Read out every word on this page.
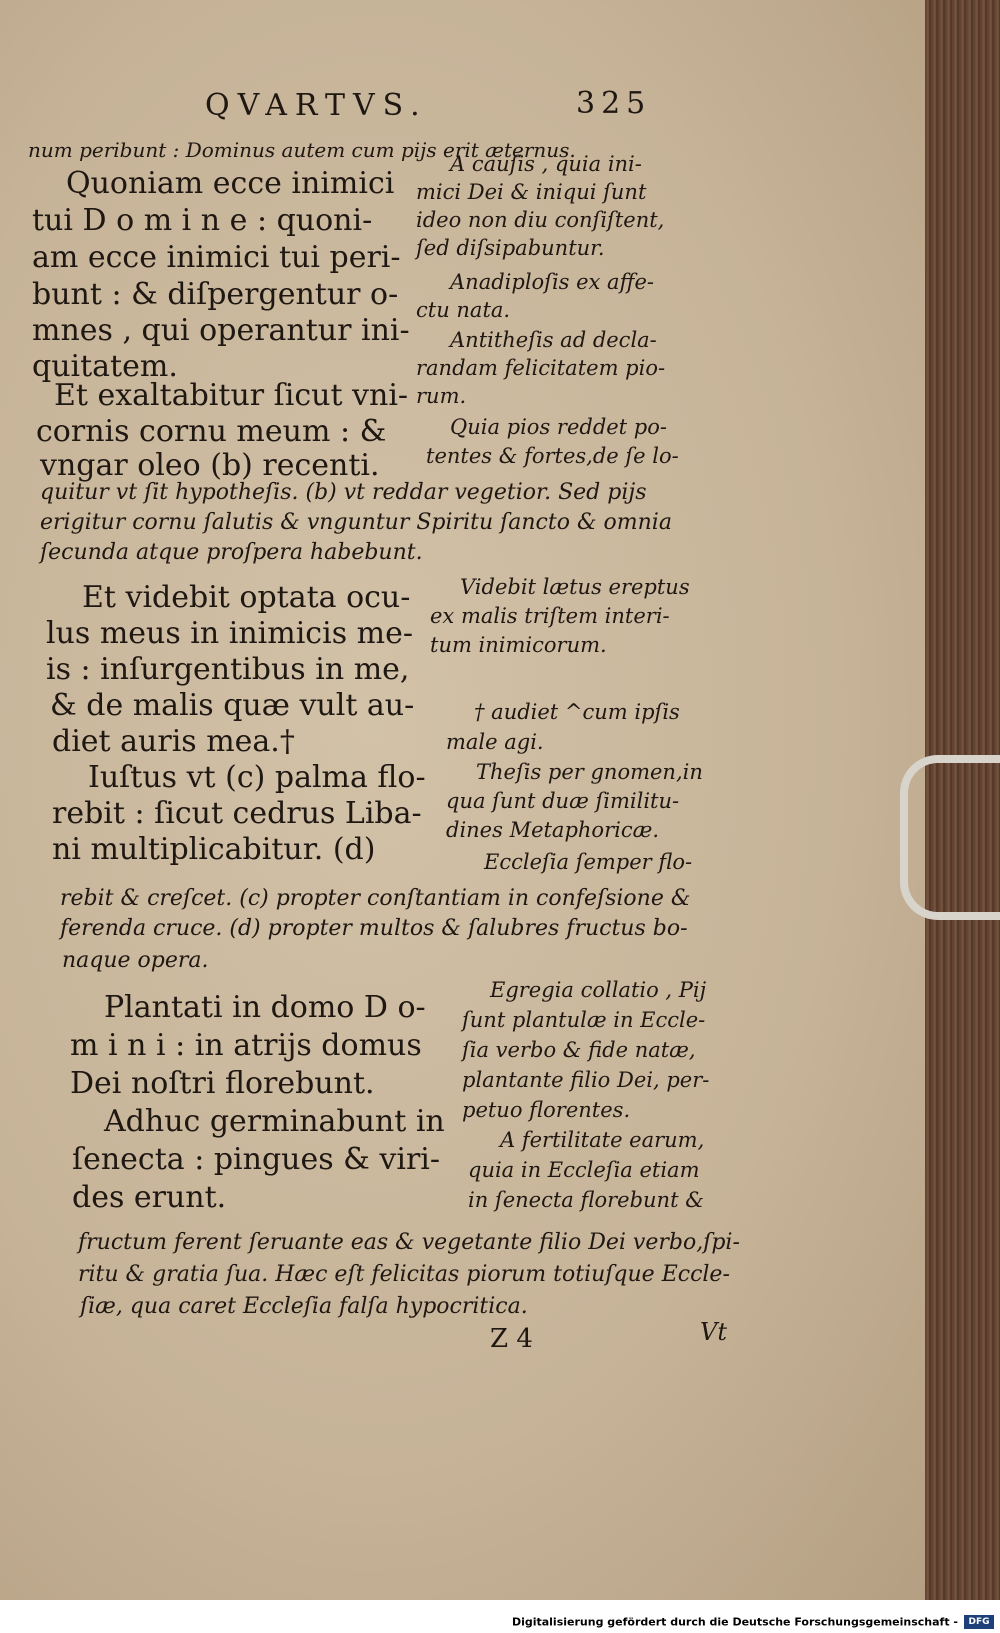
QVARTVS.	325
num peribunt : Dominus autem cum pijs erit æternus.
Quoniam ecce inimici
tui D o m i n e : quoni-
am ecce inimici tui peri-
bunt : & diſpergentur o-
mnes , qui operantur ini-
quitatem.
Et exaltabitur ſicut vni-
cornis cornu meum : &
vngar oleo (b) recenti.
A cauſis , quia ini-
mici Dei & iniqui ſunt
ideo non diu conſiſtent,
ſed diſsipabuntur.
Anadiploſis ex affe-
ctu nata.
Antitheſis ad decla-
randam felicitatem pio-
rum.
Quia pios reddet po-
tentes & fortes,de ſe lo-
quitur vt ſit hypotheſis. (b) vt reddar vegetior. Sed pijs
erigitur cornu ſalutis & vnguntur Spiritu ſancto & omnia
ſecunda atque proſpera habebunt.
Et videbit optata ocu-
lus meus in inimicis me-
is : inſurgentibus in me,
& de malis quæ vult au-
diet auris mea.†
Iuſtus vt (c) palma flo-
rebit : ſicut cedrus Liba-
ni multiplicabitur. (d)
Videbit lætus ereptus
ex malis triſtem interi-
tum inimicorum.
† audiet ^cum ipſis
male agi.
Theſis per gnomen,in
qua ſunt duæ ſimilitu-
dines Metaphoricæ.
Eccleſia ſemper flo-
rebit & creſcet. (c) propter conſtantiam in confeſsione &
ferenda cruce. (d) propter multos & ſalubres fructus bo-
naque opera.
Plantati in domo D o-
m i n i : in atrijs domus
Dei noſtri florebunt.
Adhuc germinabunt in
ſenecta : pingues & viri-
des erunt.
Egregia collatio , Pij
ſunt plantulæ in Eccle-
ſia verbo & fide natæ,
plantante filio Dei, per-
petuo florentes.
A fertilitate earum,
quia in Eccleſia etiam
in ſenecta florebunt &
fructum ferent ſeruante eas & vegetante filio Dei verbo,ſpi-
ritu & gratia ſua. Hæc eſt felicitas piorum totiuſque Eccle-
ſiæ, qua caret Eccleſia falſa hypocritica.
Z 4	Vt
Digitalisierung gefördert durch die Deutsche Forschungsgemeinschaft -	DFG
